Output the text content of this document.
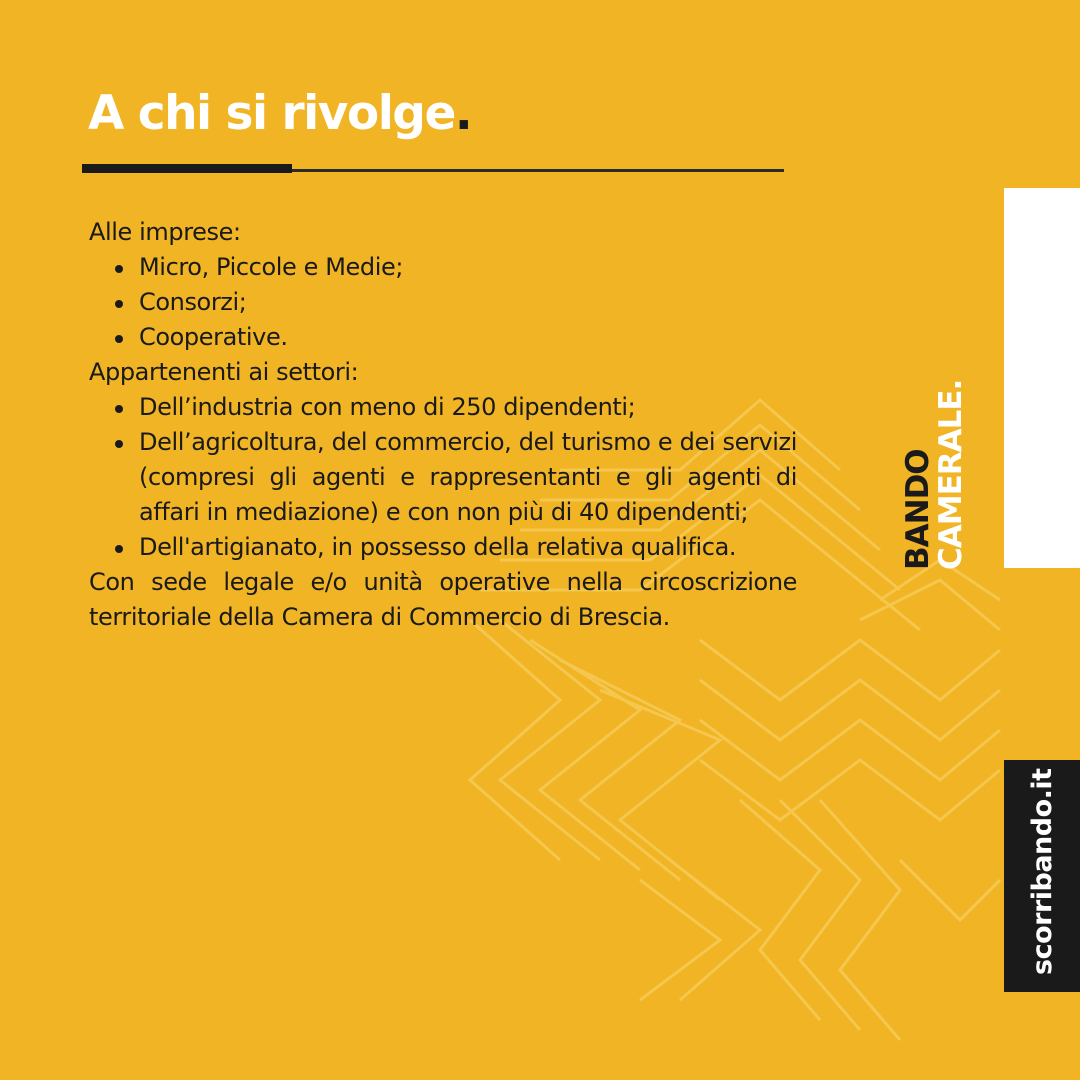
A chi si rivolge.

Alle imprese:

Micro, Piccole e Medie;
Consorzi;
Cooperative.

Appartenenti ai settori:

Dell’industria con meno di 250 dipendenti;
Dell’agricoltura, del commercio, del turismo e dei servizi (compresi gli agenti e rappresentanti e gli agenti di affari in mediazione) e con non più di 40 dipendenti;
Dell'artigianato, in possesso della relativa qualifica.

Con sede legale e/o unità operative nella circoscrizione territoriale della Camera di Commercio di Brescia.

BANDO
CAMERALE.
scorribando.it
